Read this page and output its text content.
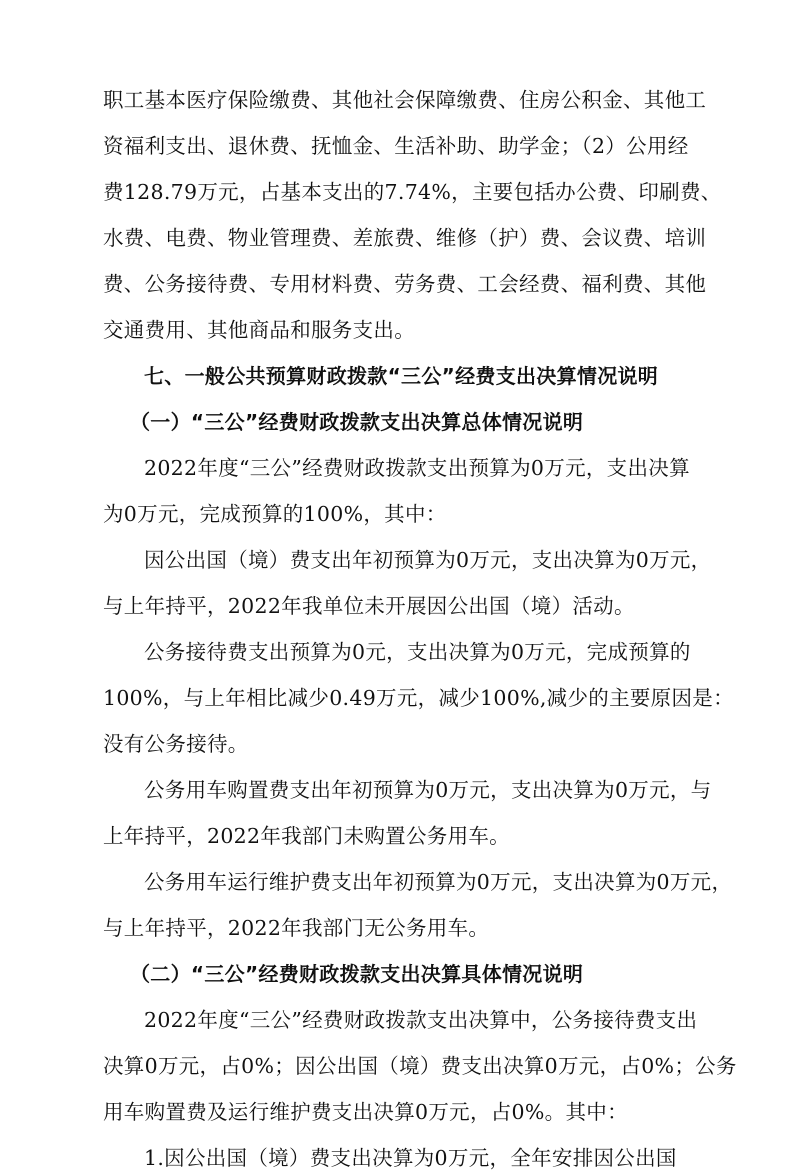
职工基本医疗保险缴费、其他社会保障缴费、住房公积金、其他工
资福利支出、退休费、抚恤金、生活补助、助学金；（2）公用经
费128.79万元，占基本支出的7.74%，主要包括办公费、印刷费、
水费、电费、物业管理费、差旅费、维修（护）费、会议费、培训
费、公务接待费、专用材料费、劳务费、工会经费、福利费、其他
交通费用、其他商品和服务支出。
七、一般公共预算财政拨款“三公”经费支出决算情况说明
（一）“三公”经费财政拨款支出决算总体情况说明
2022年度“三公”经费财政拨款支出预算为0万元，支出决算
为0万元，完成预算的100%，其中：
因公出国（境）费支出年初预算为0万元，支出决算为0万元，
与上年持平，2022年我单位未开展因公出国（境）活动。
公务接待费支出预算为0元，支出决算为0万元，完成预算的
100%，与上年相比减少0.49万元，减少100%,减少的主要原因是：
没有公务接待。
公务用车购置费支出年初预算为0万元，支出决算为0万元，与
上年持平，2022年我部门未购置公务用车。
公务用车运行维护费支出年初预算为0万元，支出决算为0万元，
与上年持平，2022年我部门无公务用车。
（二）“三公”经费财政拨款支出决算具体情况说明
2022年度“三公”经费财政拨款支出决算中，公务接待费支出
决算0万元，占0%；因公出国（境）费支出决算0万元，占0%；公务
用车购置费及运行维护费支出决算0万元，占0%。其中：
1.因公出国（境）费支出决算为0万元，全年安排因公出国
